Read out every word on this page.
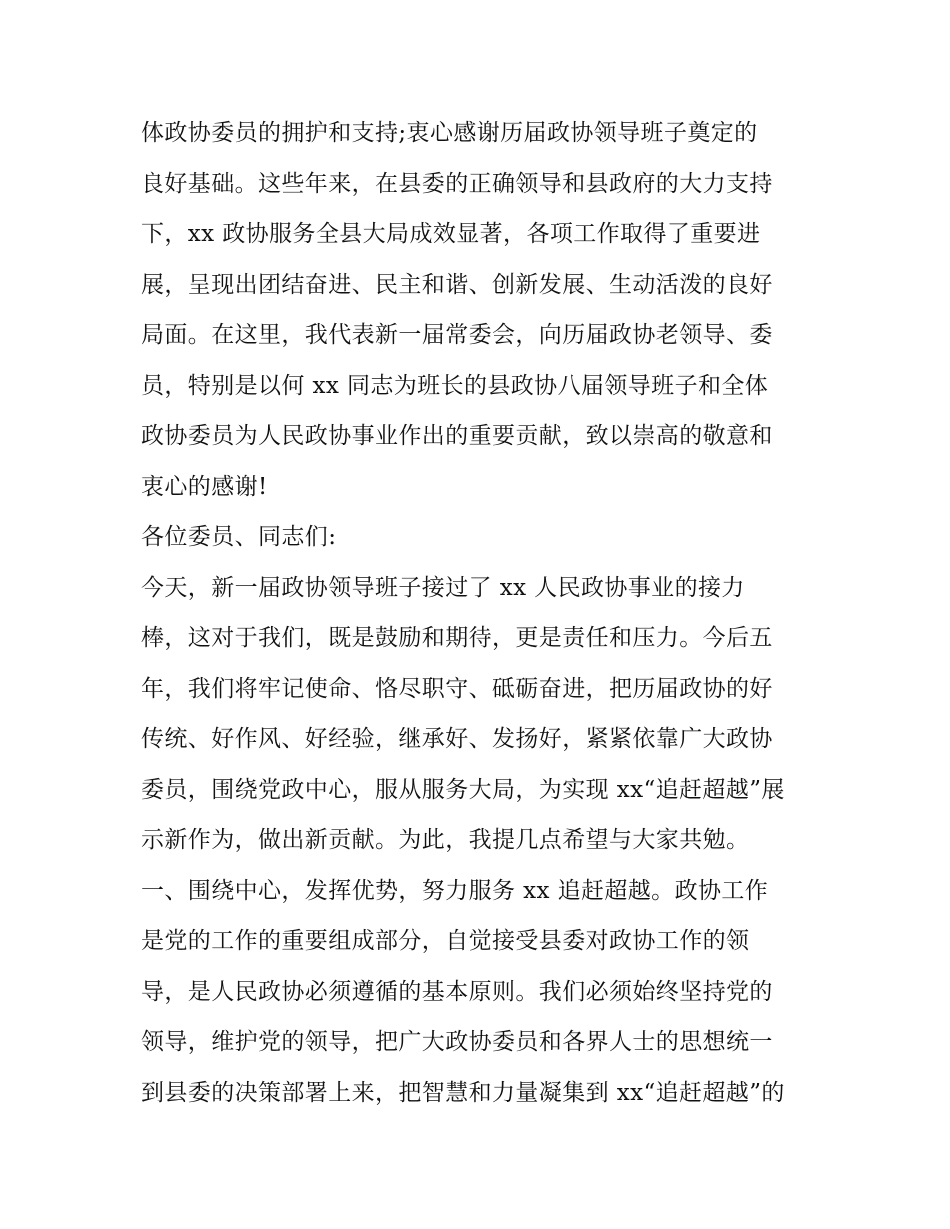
体政协委员的拥护和支持;衷心感谢历届政协领导班子奠定的
良好基础。这些年来，在县委的正确领导和县政府的大力支持
下，xx 政协服务全县大局成效显著，各项工作取得了重要进
展，呈现出团结奋进、民主和谐、创新发展、生动活泼的良好
局面。在这里，我代表新一届常委会，向历届政协老领导、委
员，特别是以何 xx 同志为班长的县政协八届领导班子和全体
政协委员为人民政协事业作出的重要贡献，致以崇高的敬意和
衷心的感谢!
各位委员、同志们:
今天，新一届政协领导班子接过了 xx 人民政协事业的接力
棒，这对于我们，既是鼓励和期待，更是责任和压力。今后五
年，我们将牢记使命、恪尽职守、砥砺奋进，把历届政协的好
传统、好作风、好经验，继承好、发扬好，紧紧依靠广大政协
委员，围绕党政中心，服从服务大局，为实现 xx“追赶超越”展
示新作为，做出新贡献。为此，我提几点希望与大家共勉。
一、围绕中心，发挥优势，努力服务 xx 追赶超越。政协工作
是党的工作的重要组成部分，自觉接受县委对政协工作的领
导，是人民政协必须遵循的基本原则。我们必须始终坚持党的
领导，维护党的领导，把广大政协委员和各界人士的思想统一
到县委的决策部署上来，把智慧和力量凝集到 xx“追赶超越”的
